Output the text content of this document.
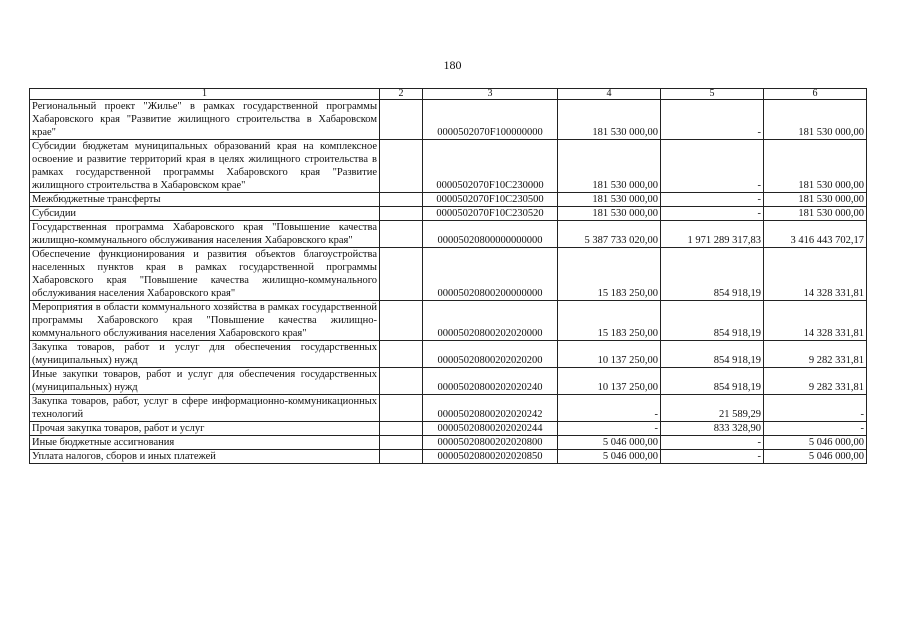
180
1	2	3	4	5	6
Региональный проект "Жилье" в рамках государственной программы Хабаровского края "Развитие жилищного строительства в Хабаровском крае"		0000502070F100000000	181 530 000,00	-	181 530 000,00
Субсидии бюджетам муниципальных образований края на комплексное освоение и развитие территорий края в целях жилищного строительства в рамках государственной программы Хабаровского края "Развитие жилищного строительства в Хабаровском крае"		0000502070F10C230000	181 530 000,00	-	181 530 000,00
Межбюджетные трансферты		0000502070F10C230500	181 530 000,00	-	181 530 000,00
Субсидии		0000502070F10C230520	181 530 000,00	-	181 530 000,00
Государственная программа Хабаровского края "Повышение качества жилищно-коммунального обслуживания населения Хабаровского края"		00005020800000000000	5 387 733 020,00	1 971 289 317,83	3 416 443 702,17
Обеспечение функционирования и развития объектов благоустройства населенных пунктов края в рамках государственной программы Хабаровского края "Повышение качества жилищно-коммунального обслуживания населения Хабаровского края"		00005020800200000000	15 183 250,00	854 918,19	14 328 331,81
Мероприятия в области коммунального хозяйства в рамках государственной программы Хабаровского края "Повышение качества жилищно-коммунального обслуживания населения Хабаровского края"		00005020800202020000	15 183 250,00	854 918,19	14 328 331,81
Закупка товаров, работ и услуг для обеспечения государственных (муниципальных) нужд		00005020800202020200	10 137 250,00	854 918,19	9 282 331,81
Иные закупки товаров, работ и услуг для обеспечения государственных (муниципальных) нужд		00005020800202020240	10 137 250,00	854 918,19	9 282 331,81
Закупка товаров, работ, услуг в сфере информационно-коммуникационных технологий		00005020800202020242	-	21 589,29	-
Прочая закупка товаров, работ и услуг		00005020800202020244	-	833 328,90	-
Иные бюджетные ассигнования		00005020800202020800	5 046 000,00	-	5 046 000,00
Уплата налогов, сборов и иных платежей		00005020800202020850	5 046 000,00	-	5 046 000,00
